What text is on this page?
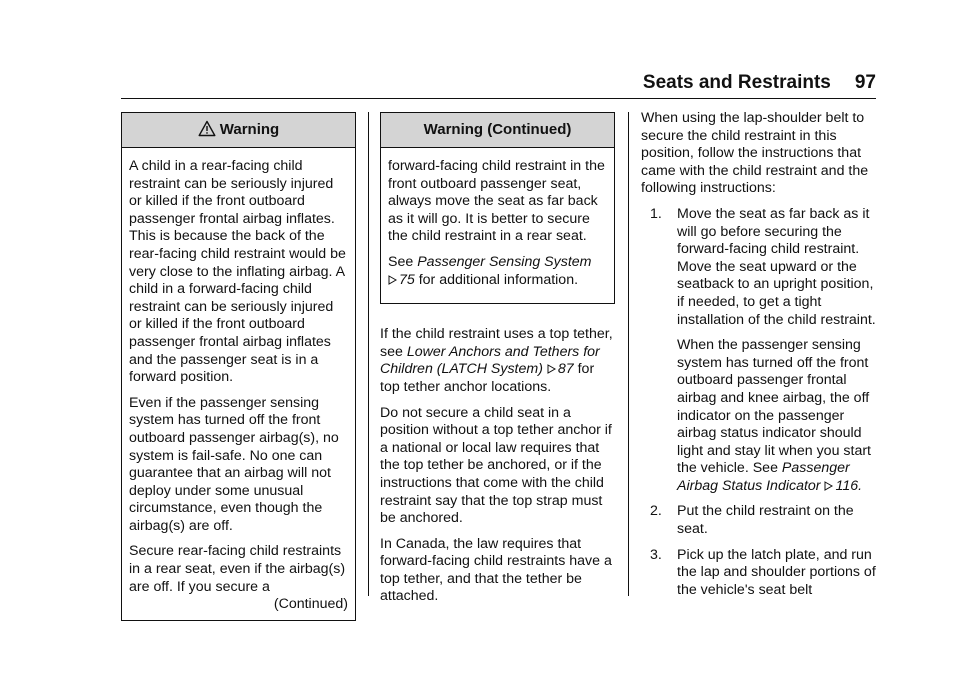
Seats and Restraints 97
Warning

A child in a rear-facing child restraint can be seriously injured or killed if the front outboard passenger frontal airbag inflates. This is because the back of the rear-facing child restraint would be very close to the inflating airbag. A child in a forward-facing child restraint can be seriously injured or killed if the front outboard passenger frontal airbag inflates and the passenger seat is in a forward position.

Even if the passenger sensing system has turned off the front outboard passenger airbag(s), no system is fail-safe. No one can guarantee that an airbag will not deploy under some unusual circumstance, even though the airbag(s) are off.

Secure rear-facing child restraints in a rear seat, even if the airbag(s) are off. If you secure a

(Continued)
Warning (Continued)

forward-facing child restraint in the front outboard passenger seat, always move the seat as far back as it will go. It is better to secure the child restraint in a rear seat.

See Passenger Sensing System
75 for additional information.

If the child restraint uses a top tether, see Lower Anchors and Tethers for Children (LATCH System) 87 for top tether anchor locations.

Do not secure a child seat in a position without a top tether anchor if a national or local law requires that the top tether be anchored, or if the instructions that come with the child restraint say that the top strap must be anchored.

In Canada, the law requires that forward-facing child restraints have a top tether, and that the tether be attached.

When using the lap-shoulder belt to secure the child restraint in this position, follow the instructions that came with the child restraint and the following instructions:

1. Move the seat as far back as it will go before securing the forward-facing child restraint. Move the seat upward or the seatback to an upright position, if needed, to get a tight installation of the child restraint.

When the passenger sensing system has turned off the front outboard passenger frontal airbag and knee airbag, the off indicator on the passenger airbag status indicator should light and stay lit when you start the vehicle. See Passenger Airbag Status Indicator 116.

2. Put the child restraint on the seat.
3. Pick up the latch plate, and run the lap and shoulder portions of the vehicle's seat belt
